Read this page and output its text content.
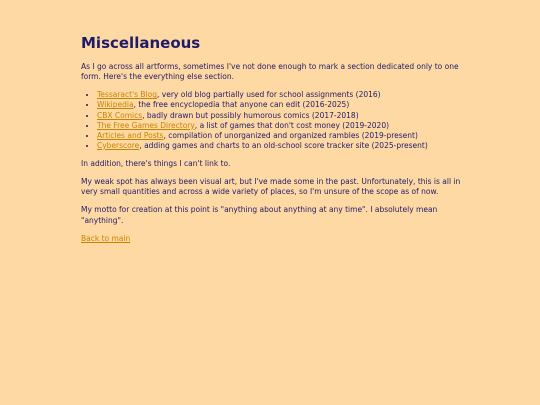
Miscellaneous

As I go across all artforms, sometimes I've not done enough to mark a section dedicated only to one form. Here's the everything else section.

• Tessaract's Blog, very old blog partially used for school assignments (2016)
• Wikipedia, the free encyclopedia that anyone can edit (2016-2025)
• CBX Comics, badly drawn but possibly humorous comics (2017-2018)
• The Free Games Directory, a list of games that don't cost money (2019-2020)
• Articles and Posts, compilation of unorganized and organized rambles (2019-present)
• Cyberscore, adding games and charts to an old-school score tracker site (2025-present)

In addition, there's things I can't link to.

My weak spot has always been visual art, but I've made some in the past. Unfortunately, this is all in very small quantities and across a wide variety of places, so I'm unsure of the scope as of now.

My motto for creation at this point is "anything about anything at any time". I absolutely mean "anything".

Back to main
